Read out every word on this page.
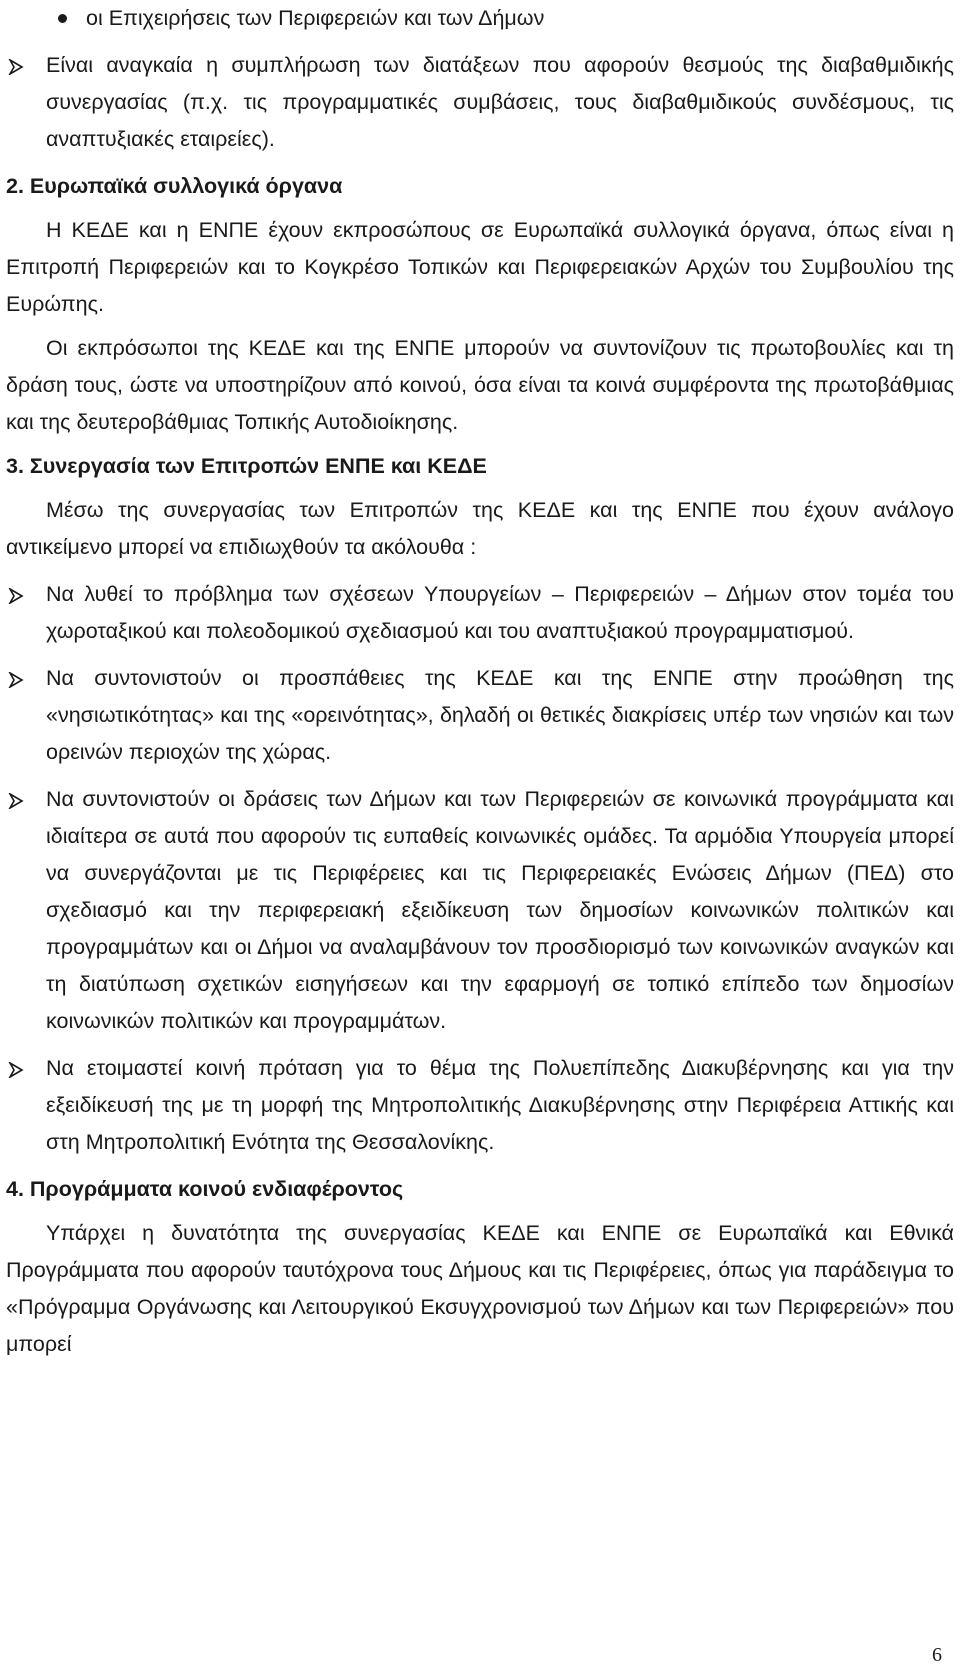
οι Επιχειρήσεις των Περιφερειών και των Δήμων

Είναι αναγκαία η συμπλήρωση των διατάξεων που αφορούν θεσμούς της διαβαθμιδικής συνεργασίας (π.χ. τις προγραμματικές συμβάσεις, τους διαβαθμιδικούς συνδέσμους, τις αναπτυξιακές εταιρείες).

2. Ευρωπαϊκά συλλογικά όργανα

Η ΚΕΔΕ και η ΕΝΠΕ έχουν εκπροσώπους σε Ευρωπαϊκά συλλογικά όργανα, όπως είναι η Επιτροπή Περιφερειών και το Κογκρέσο Τοπικών και Περιφερειακών Αρχών του Συμβουλίου της Ευρώπης.

Οι εκπρόσωποι της ΚΕΔΕ και της ΕΝΠΕ μπορούν να συντονίζουν τις πρωτοβουλίες και τη δράση τους, ώστε να υποστηρίζουν από κοινού, όσα είναι τα κοινά συμφέροντα της πρωτοβάθμιας και της δευτεροβάθμιας Τοπικής Αυτοδιοίκησης.

3. Συνεργασία των Επιτροπών ΕΝΠΕ και ΚΕΔΕ

Μέσω της συνεργασίας των Επιτροπών της ΚΕΔΕ και της ΕΝΠΕ που έχουν ανάλογο αντικείμενο μπορεί να επιδιωχθούν τα ακόλουθα :

Να λυθεί το πρόβλημα των σχέσεων Υπουργείων – Περιφερειών – Δήμων στον τομέα του χωροταξικού και πολεοδομικού σχεδιασμού και του αναπτυξιακού προγραμματισμού.

Να συντονιστούν οι προσπάθειες της ΚΕΔΕ και της ΕΝΠΕ στην προώθηση της «νησιωτικότητας» και της «ορεινότητας», δηλαδή οι θετικές διακρίσεις υπέρ των νησιών και των ορεινών περιοχών της χώρας.

Να συντονιστούν οι δράσεις των Δήμων και των Περιφερειών σε κοινωνικά προγράμματα και ιδιαίτερα σε αυτά που αφορούν τις ευπαθείς κοινωνικές ομάδες. Τα αρμόδια Υπουργεία μπορεί να συνεργάζονται με τις Περιφέρειες και τις Περιφερειακές Ενώσεις Δήμων (ΠΕΔ) στο σχεδιασμό και την περιφερειακή εξειδίκευση των δημοσίων κοινωνικών πολιτικών και προγραμμάτων και οι Δήμοι να αναλαμβάνουν τον προσδιορισμό των κοινωνικών αναγκών και τη διατύπωση σχετικών εισηγήσεων και την εφαρμογή σε τοπικό επίπεδο των δημοσίων κοινωνικών πολιτικών και προγραμμάτων.

Να ετοιμαστεί κοινή πρόταση για το θέμα της Πολυεπίπεδης Διακυβέρνησης και για την εξειδίκευσή της με τη μορφή της Μητροπολιτικής Διακυβέρνησης στην Περιφέρεια Αττικής και στη Μητροπολιτική Ενότητα της Θεσσαλονίκης.

4. Προγράμματα κοινού ενδιαφέροντος

Υπάρχει η δυνατότητα της συνεργασίας ΚΕΔΕ και ΕΝΠΕ σε Ευρωπαϊκά και Εθνικά Προγράμματα που αφορούν ταυτόχρονα τους Δήμους και τις Περιφέρειες, όπως για παράδειγμα το «Πρόγραμμα Οργάνωσης και Λειτουργικού Εκσυγχρονισμού των Δήμων και των Περιφερειών» που μπορεί

6
